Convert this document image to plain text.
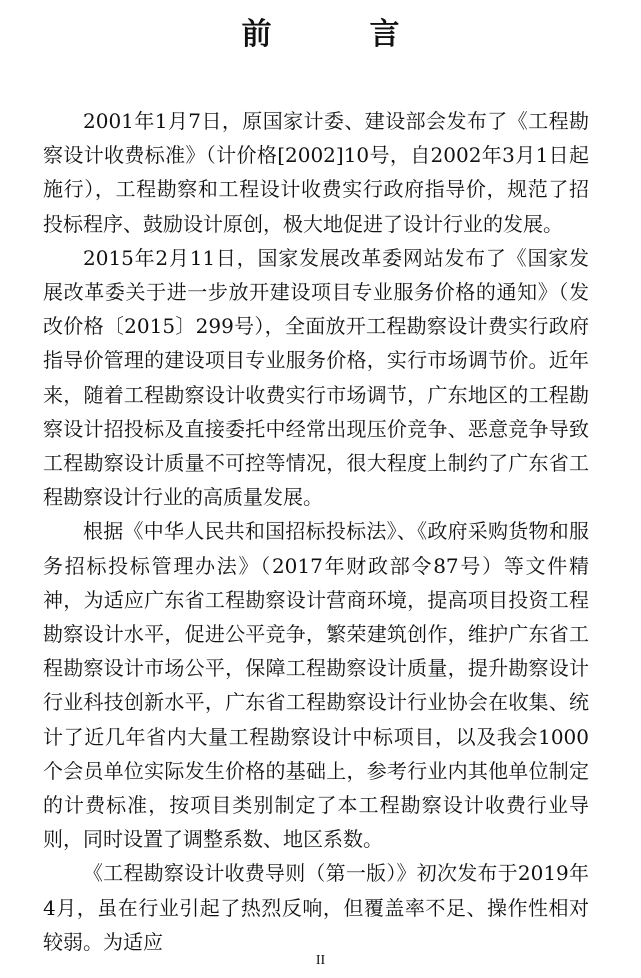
前　言

2001年1月7日，原国家计委、建设部会发布了《工程勘察设计收费标准》（计价格[2002]10号，自2002年3月1日起施行），工程勘察和工程设计收费实行政府指导价，规范了招投标程序、鼓励设计原创，极大地促进了设计行业的发展。

2015年2月11日，国家发展改革委网站发布了《国家发展改革委关于进一步放开建设项目专业服务价格的通知》（发改价格〔2015〕299号），全面放开工程勘察设计费实行政府指导价管理的建设项目专业服务价格，实行市场调节价。近年来，随着工程勘察设计收费实行市场调节，广东地区的工程勘察设计招投标及直接委托中经常出现压价竞争、恶意竞争导致工程勘察设计质量不可控等情况，很大程度上制约了广东省工程勘察设计行业的高质量发展。

根据《中华人民共和国招标投标法》、《政府采购货物和服务招标投标管理办法》（2017年财政部令87号）等文件精神，为适应广东省工程勘察设计营商环境，提高项目投资工程勘察设计水平，促进公平竞争，繁荣建筑创作，维护广东省工程勘察设计市场公平，保障工程勘察设计质量，提升勘察设计行业科技创新水平，广东省工程勘察设计行业协会在收集、统计了近几年省内大量工程勘察设计中标项目，以及我会1000个会员单位实际发生价格的基础上，参考行业内其他单位制定的计费标准，按项目类别制定了本工程勘察设计收费行业导则，同时设置了调整系数、地区系数。

《工程勘察设计收费导则（第一版）》初次发布于2019年4月，虽在行业引起了热烈反响，但覆盖率不足、操作性相对较弱。为适应

II
